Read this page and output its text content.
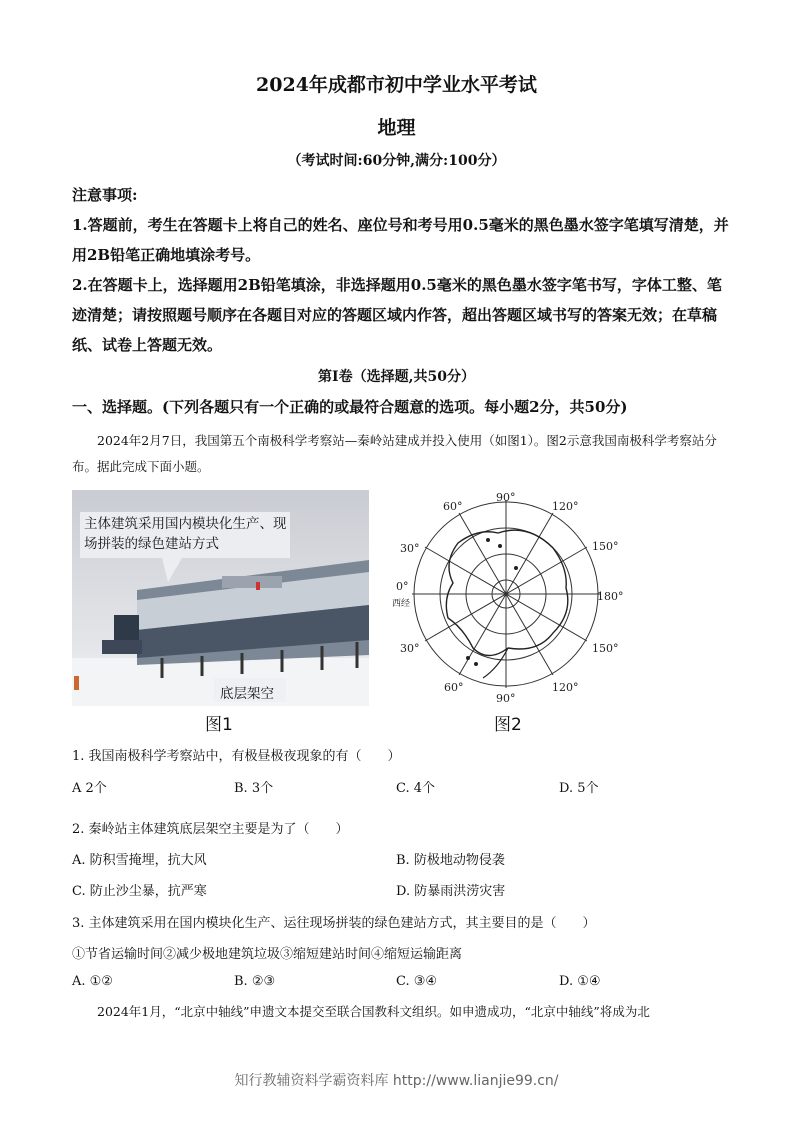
2024年成都市初中学业水平考试
地理
（考试时间:60分钟,满分:100分）
注意事项:
1.答题前，考生在答题卡上将自己的姓名、座位号和考号用0.5毫米的黑色墨水签字笔填写清楚，并用2B铅笔正确地填涂考号。
2.在答题卡上，选择题用2B铅笔填涂，非选择题用0.5毫米的黑色墨水签字笔书写，字体工整、笔迹清楚；请按照题号顺序在各题目对应的答题区域内作答，超出答题区域书写的答案无效；在草稿纸、试卷上答题无效。
第Ⅰ卷（选择题,共50分）
一、选择题。(下列各题只有一个正确的或最符合题意的选项。每小题2分，共50分)
2024年2月7日，我国第五个南极科学考察站—秦岭站建成并投入使用（如图1）。图2示意我国南极科学考察站分布。据此完成下面小题。
主体建筑采用国内模块化生产、现场拼装的绿色建站方式
底层架空
图1
90°
60°	120°
30°	150°
180°
0°
西经
30°	150°
60°
90°
120°
图2
1. 我国南极科学考察站中，有极昼极夜现象的有（　　）
A 2个	B. 3个	C. 4个	D. 5个
2. 秦岭站主体建筑底层架空主要是为了（　　）
A. 防积雪掩埋，抗大风	B. 防极地动物侵袭
C. 防止沙尘暴，抗严寒	D. 防暴雨洪涝灾害
3. 主体建筑采用在国内模块化生产、运往现场拼装的绿色建站方式，其主要目的是（　　）
①节省运输时间②减少极地建筑垃圾③缩短建站时间④缩短运输距离
A. ①②	B. ②③	C. ③④	D. ①④
2024年1月，“北京中轴线”申遗文本提交至联合国教科文组织。如申遗成功，“北京中轴线”将成为北
知行教辅资料学霸资料库 http://www.lianjie99.cn/
